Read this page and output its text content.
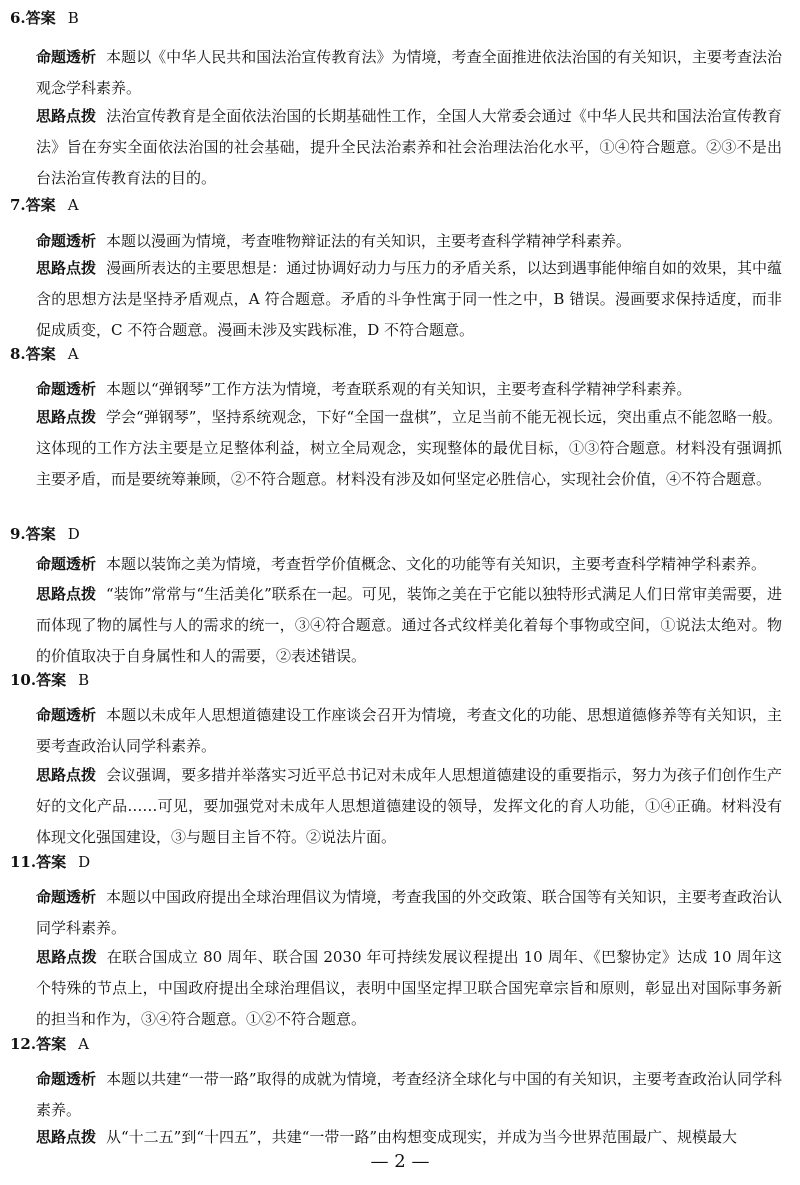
6.答案 B
命题透析 本题以《中华人民共和国法治宣传教育法》为情境，考查全面推进依法治国的有关知识，主要考查法治观念学科素养。
思路点拨 法治宣传教育是全面依法治国的长期基础性工作，全国人大常委会通过《中华人民共和国法治宣传教育法》旨在夯实全面依法治国的社会基础，提升全民法治素养和社会治理法治化水平，①④符合题意。②③不是出台法治宣传教育法的目的。
7.答案 A
命题透析 本题以漫画为情境，考查唯物辩证法的有关知识，主要考查科学精神学科素养。
思路点拨 漫画所表达的主要思想是：通过协调好动力与压力的矛盾关系，以达到遇事能伸缩自如的效果，其中蕴含的思想方法是坚持矛盾观点，A 符合题意。矛盾的斗争性寓于同一性之中，B 错误。漫画要求保持适度，而非促成质变，C 不符合题意。漫画未涉及实践标准，D 不符合题意。
8.答案 A
命题透析 本题以“弹钢琴”工作方法为情境，考查联系观的有关知识，主要考查科学精神学科素养。
思路点拨 学会“弹钢琴”，坚持系统观念，下好“全国一盘棋”，立足当前不能无视长远，突出重点不能忽略一般。这体现的工作方法主要是立足整体利益，树立全局观念，实现整体的最优目标，①③符合题意。材料没有强调抓主要矛盾，而是要统筹兼顾，②不符合题意。材料没有涉及如何坚定必胜信心，实现社会价值，④不符合题意。
9.答案 D
命题透析 本题以装饰之美为情境，考查哲学价值概念、文化的功能等有关知识，主要考查科学精神学科素养。
思路点拨 “装饰”常常与“生活美化”联系在一起。可见，装饰之美在于它能以独特形式满足人们日常审美需要，进而体现了物的属性与人的需求的统一，③④符合题意。通过各式纹样美化着每个事物或空间，①说法太绝对。物的价值取决于自身属性和人的需要，②表述错误。
10.答案 B
命题透析 本题以未成年人思想道德建设工作座谈会召开为情境，考查文化的功能、思想道德修养等有关知识，主要考查政治认同学科素养。
思路点拨 会议强调，要多措并举落实习近平总书记对未成年人思想道德建设的重要指示，努力为孩子们创作生产好的文化产品……可见，要加强党对未成年人思想道德建设的领导，发挥文化的育人功能，①④正确。材料没有体现文化强国建设，③与题目主旨不符。②说法片面。
11.答案 D
命题透析 本题以中国政府提出全球治理倡议为情境，考查我国的外交政策、联合国等有关知识，主要考查政治认同学科素养。
思路点拨 在联合国成立 80 周年、联合国 2030 年可持续发展议程提出 10 周年、《巴黎协定》达成 10 周年这个特殊的节点上，中国政府提出全球治理倡议，表明中国坚定捍卫联合国宪章宗旨和原则，彰显出对国际事务新的担当和作为，③④符合题意。①②不符合题意。
12.答案 A
命题透析 本题以共建“一带一路”取得的成就为情境，考查经济全球化与中国的有关知识，主要考查政治认同学科素养。
思路点拨 从“十二五”到“十四五”，共建“一带一路”由构想变成现实，并成为当今世界范围最广、规模最大
— 2 —
